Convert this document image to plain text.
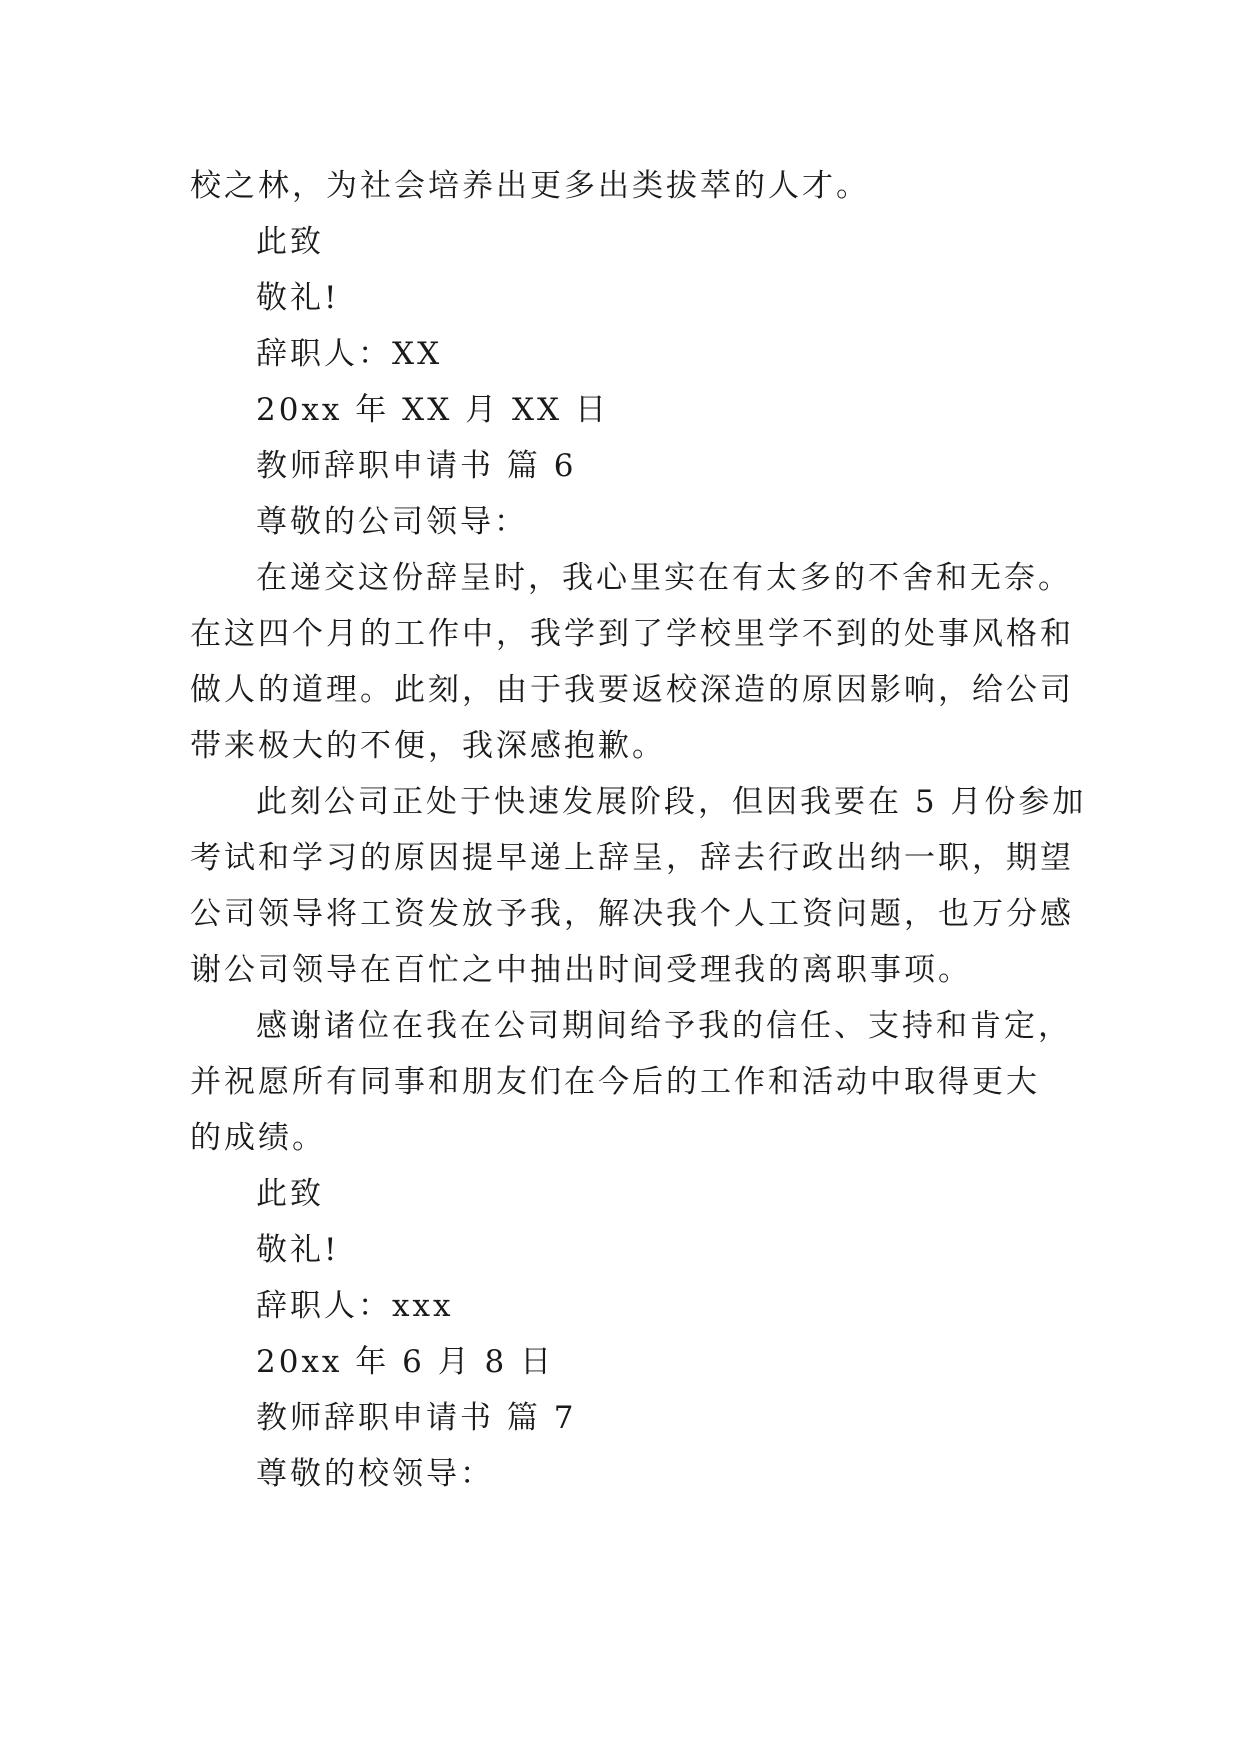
校之林，为社会培养出更多出类拔萃的人才。
此致
敬礼!
辞职人：XX
20xx 年 XX 月 XX 日
教师辞职申请书 篇 6
尊敬的公司领导：
在递交这份辞呈时，我心里实在有太多的不舍和无奈。
在这四个月的工作中，我学到了学校里学不到的处事风格和
做人的道理。此刻，由于我要返校深造的原因影响，给公司
带来极大的不便，我深感抱歉。
此刻公司正处于快速发展阶段，但因我要在 5 月份参加
考试和学习的原因提早递上辞呈，辞去行政出纳一职，期望
公司领导将工资发放予我，解决我个人工资问题，也万分感
谢公司领导在百忙之中抽出时间受理我的离职事项。
感谢诸位在我在公司期间给予我的信任、支持和肯定，
并祝愿所有同事和朋友们在今后的工作和活动中取得更大
的成绩。
此致
敬礼!
辞职人：xxx
20xx 年 6 月 8 日
教师辞职申请书 篇 7
尊敬的校领导：
